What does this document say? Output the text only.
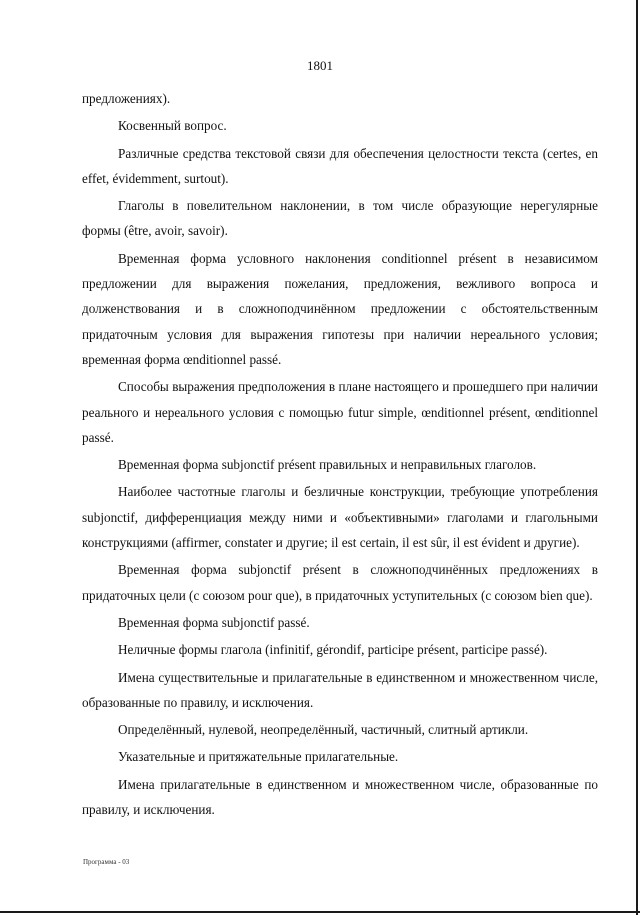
1801

предложениях).

Косвенный вопрос.

Различные средства текстовой связи для обеспечения целостности текста (certes, en effet, évidemment, surtout).

Глаголы в повелительном наклонении, в том числе образующие нерегулярные формы (être, avoir, savoir).

Временная форма условного наклонения conditionnel présent в независимом предложении для выражения пожелания, предложения, вежливого вопроса и долженствования и в сложноподчинённом предложении с обстоятельственным придаточным условия для выражения гипотезы при наличии нереального условия; временная форма œnditionnel passé.

Способы выражения предположения в плане настоящего и прошедшего при наличии реального и нереального условия с помощью futur simple, œnditionnel présent, œnditionnel passé.

Временная форма subjonctif présent правильных и неправильных глаголов.

Наиболее частотные глаголы и безличные конструкции, требующие употребления subjonctif, дифференциация между ними и «объективными» глаголами и глагольными конструкциями (affirmer, constater и другие; il est certain, il est sûr, il est évident и другие).

Временная форма subjonctif présent в сложноподчинённых предложениях в придаточных цели (с союзом pour que), в придаточных уступительных (с союзом bien que).

Временная форма subjonctif passé.

Неличные формы глагола (infinitif, gérondif, participe présent, participe passé).

Имена существительные и прилагательные в единственном и множественном числе, образованные по правилу, и исключения.

Определённый, нулевой, неопределённый, частичный, слитный артикли.

Указательные и притяжательные прилагательные.

Имена прилагательные в единственном и множественном числе, образованные по правилу, и исключения.

Программа - 03
